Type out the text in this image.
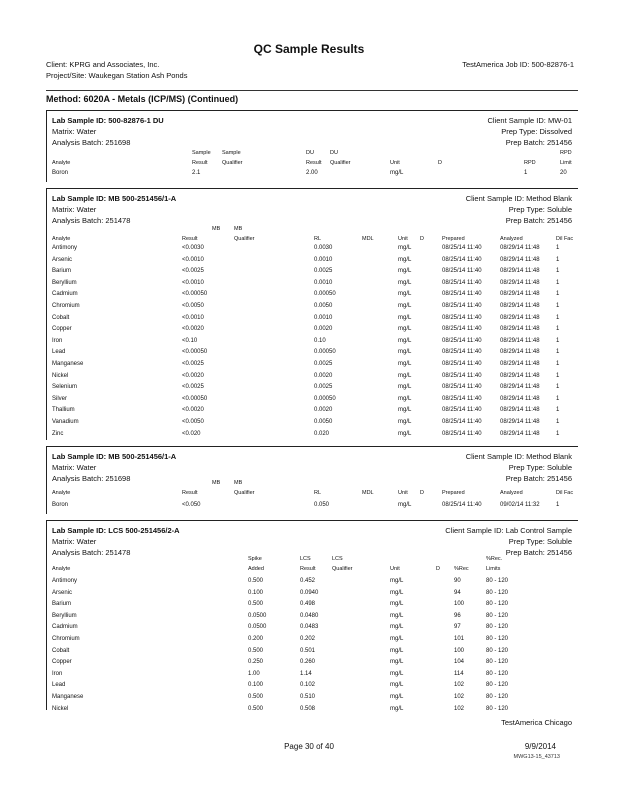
QC Sample Results
Client: KPRG and Associates, Inc.
Project/Site: Waukegan Station Ash Ponds
TestAmerica Job ID: 500-82876-1
Method: 6020A - Metals (ICP/MS) (Continued)
Lab Sample ID: 500-82876-1 DU
Matrix: Water
Analysis Batch: 251698
Client Sample ID: MW-01
Prep Type: Dissolved
Prep Batch: 251456
Sample Sample	DU	DU	RPD
Analyte	Result	Qualifier	Result Qualifier	Unit	D	RPD	Limit
Boron	2.1	2.00	mg/L	1	20
Lab Sample ID: MB 500-251456/1-A
Matrix: Water
Analysis Batch: 251478
Client Sample ID: Method Blank
Prep Type: Soluble
Prep Batch: 251456
MB	MB
Analyte	Result	Qualifier	RL	MDL	Unit D	Prepared	Analyzed	Dil Fac
Antimony	<0.0030	0.0030	mg/L	08/25/14 11:40	08/29/14 11:48	1
Arsenic	<0.0010	0.0010	mg/L	08/25/14 11:40	08/29/14 11:48	1
Barium	<0.0025	0.0025	mg/L	08/25/14 11:40	08/29/14 11:48	1
Beryllium	<0.0010	0.0010	mg/L	08/25/14 11:40	08/29/14 11:48	1
Cadmium	<0.00050	0.00050	mg/L	08/25/14 11:40	08/29/14 11:48	1
Chromium	<0.0050	0.0050	mg/L	08/25/14 11:40	08/29/14 11:48	1
Cobalt	<0.0010	0.0010	mg/L	08/25/14 11:40	08/29/14 11:48	1
Copper	<0.0020	0.0020	mg/L	08/25/14 11:40	08/29/14 11:48	1
Iron	<0.10	0.10	mg/L	08/25/14 11:40	08/29/14 11:48	1
Lead	<0.00050	0.00050	mg/L	08/25/14 11:40	08/29/14 11:48	1
Manganese	<0.0025	0.0025	mg/L	08/25/14 11:40	08/29/14 11:48	1
Nickel	<0.0020	0.0020	mg/L	08/25/14 11:40	08/29/14 11:48	1
Selenium	<0.0025	0.0025	mg/L	08/25/14 11:40	08/29/14 11:48	1
Silver	<0.00050	0.00050	mg/L	08/25/14 11:40	08/29/14 11:48	1
Thallium	<0.0020	0.0020	mg/L	08/25/14 11:40	08/29/14 11:48	1
Vanadium	<0.0050	0.0050	mg/L	08/25/14 11:40	08/29/14 11:48	1
Zinc	<0.020	0.020	mg/L	08/25/14 11:40	08/29/14 11:48	1
Lab Sample ID: MB 500-251456/1-A
Matrix: Water
Analysis Batch: 251698
Client Sample ID: Method Blank
Prep Type: Soluble
Prep Batch: 251456
MB	MB
Analyte	Result	Qualifier	RL	MDL	Unit D	Prepared	Analyzed	Dil Fac
Boron	<0.050	0.050	mg/L	08/25/14 11:40	09/02/14 11:32	1
Lab Sample ID: LCS 500-251456/2-A
Matrix: Water
Analysis Batch: 251478
Client Sample ID: Lab Control Sample
Prep Type: Soluble
Prep Batch: 251456
Spike	LCS	LCS	%Rec.
Analyte	Added	Result	Qualifier	Unit	D	%Rec	Limits
Antimony	0.500	0.452	mg/L	90	80 - 120
Arsenic	0.100	0.0940	mg/L	94	80 - 120
Barium	0.500	0.498	mg/L	100	80 - 120
Beryllium	0.0500	0.0480	mg/L	96	80 - 120
Cadmium	0.0500	0.0483	mg/L	97	80 - 120
Chromium	0.200	0.202	mg/L	101	80 - 120
Cobalt	0.500	0.501	mg/L	100	80 - 120
Copper	0.250	0.260	mg/L	104	80 - 120
Iron	1.00	1.14	mg/L	114	80 - 120
Lead	0.100	0.102	mg/L	102	80 - 120
Manganese	0.500	0.510	mg/L	102	80 - 120
Nickel	0.500	0.508	mg/L	102	80 - 120
TestAmerica Chicago
Page 30 of 40	9/9/2014
MWG13-15_43713
